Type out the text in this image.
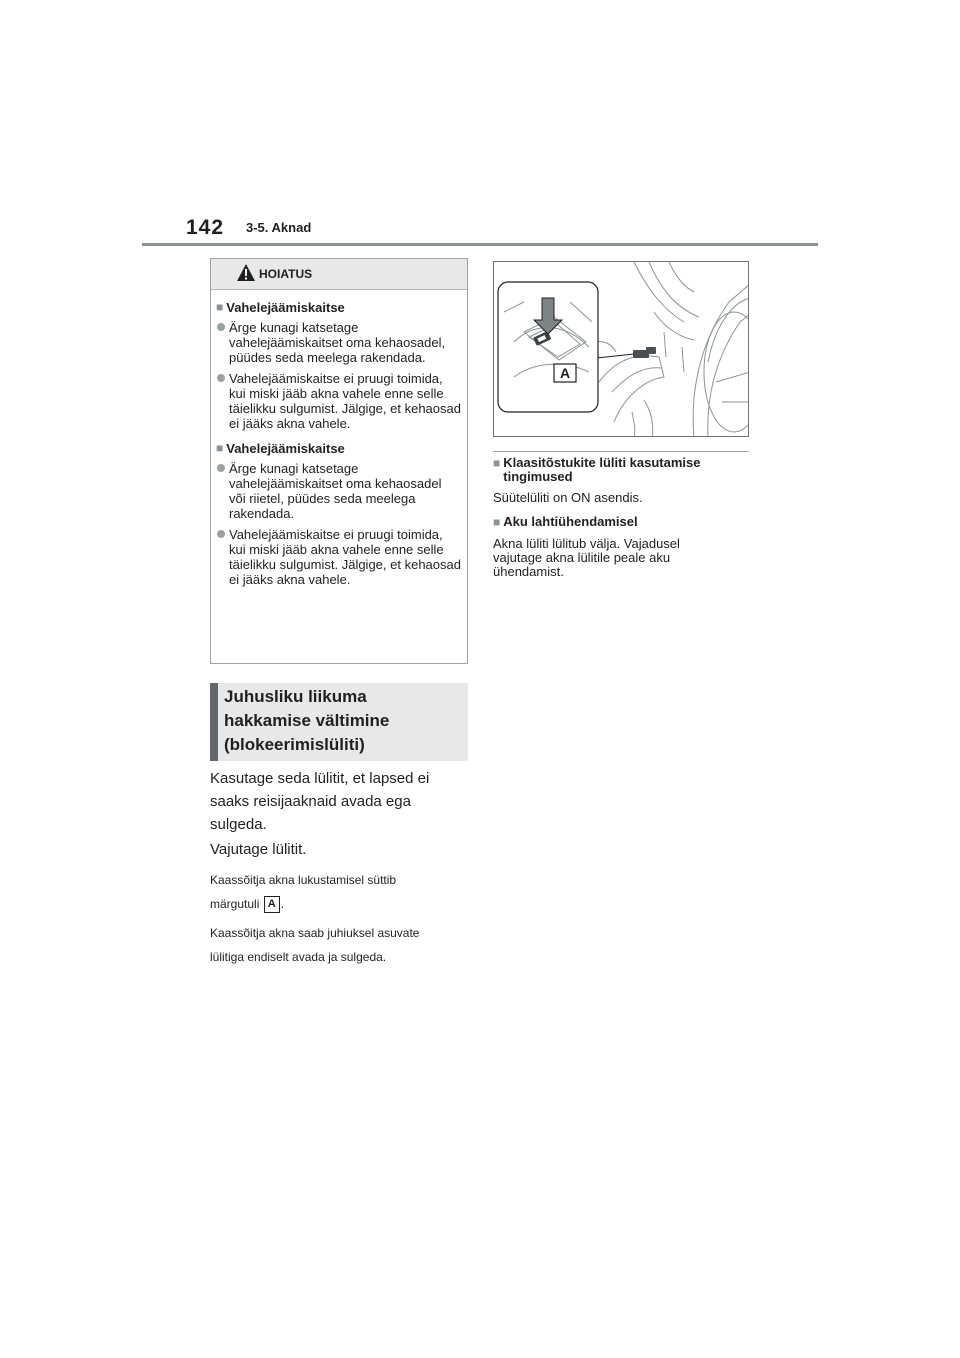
142 3-5. Aknad
HOIATUS
■ Vahelejäämiskaitse
Ärge kunagi katsetage vahelejäämiskaitset oma kehaosadel, püüdes seda meelega rakendada.
Vahelejäämiskaitse ei pruugi toimida, kui miski jääb akna vahele enne selle täielikku sulgumist. Jälgige, et kehaosad ei jääks akna vahele.
■ Vahelejäämiskaitse
Ärge kunagi katsetage vahelejäämiskaitset oma kehaosadel või riietel, püüdes seda meelega rakendada.
Vahelejäämiskaitse ei pruugi toimida, kui miski jääb akna vahele enne selle täielikku sulgumist. Jälgige, et kehaosad ei jääks akna vahele.
Juhusliku liikuma
hakkamise vältimine
(blokeerimislüliti)
Kasutage seda lülitit, et lapsed ei
saaks reisijaaknaid avada ega
sulgeda.
Vajutage lülitit.
Kaassõitja akna lukustamisel süttib
märgutuli A .
Kaassõitja akna saab juhiuksel asuvate
lülitiga endiselt avada ja sulgeda.
A
■ Klaasitõstukite lüliti kasutamise
tingimused
Süütelüliti on ON asendis.
■ Aku lahtiühendamisel
Akna lüliti lülitub välja. Vajadusel
vajutage akna lülitile peale aku
ühendamist.
